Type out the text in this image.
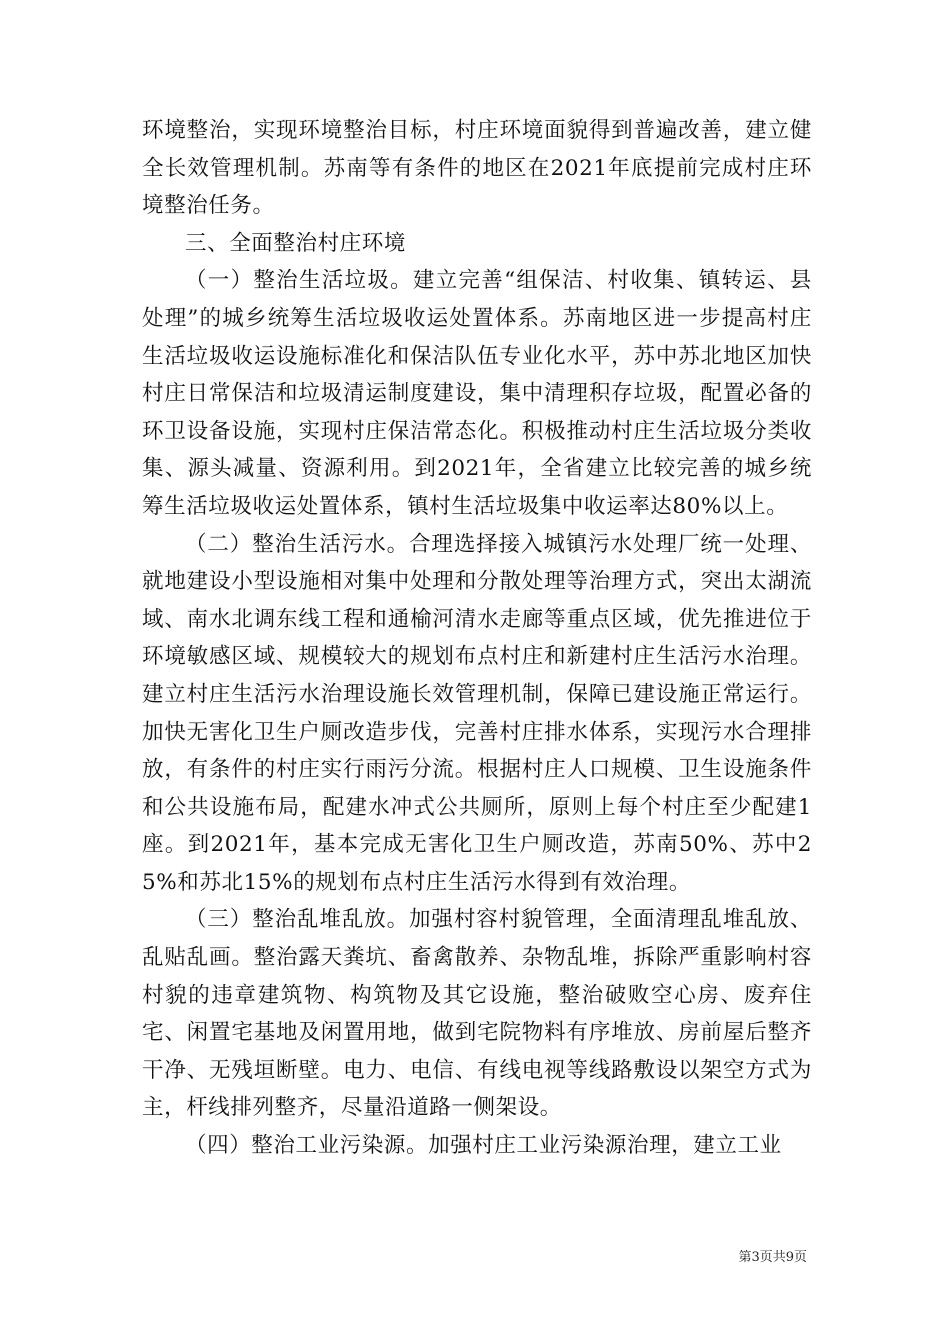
环境整治，实现环境整治目标，村庄环境面貌得到普遍改善，建立健全长效管理机制。苏南等有条件的地区在2021年底提前完成村庄环境整治任务。

三、全面整治村庄环境

（一）整治生活垃圾。建立完善“组保洁、村收集、镇转运、县处理”的城乡统筹生活垃圾收运处置体系。苏南地区进一步提高村庄生活垃圾收运设施标准化和保洁队伍专业化水平，苏中苏北地区加快村庄日常保洁和垃圾清运制度建设，集中清理积存垃圾，配置必备的环卫设备设施，实现村庄保洁常态化。积极推动村庄生活垃圾分类收集、源头减量、资源利用。到2021年，全省建立比较完善的城乡统筹生活垃圾收运处置体系，镇村生活垃圾集中收运率达80%以上。

（二）整治生活污水。合理选择接入城镇污水处理厂统一处理、就地建设小型设施相对集中处理和分散处理等治理方式，突出太湖流域、南水北调东线工程和通榆河清水走廊等重点区域，优先推进位于环境敏感区域、规模较大的规划布点村庄和新建村庄生活污水治理。建立村庄生活污水治理设施长效管理机制，保障已建设施正常运行。加快无害化卫生户厕改造步伐，完善村庄排水体系，实现污水合理排放，有条件的村庄实行雨污分流。根据村庄人口规模、卫生设施条件和公共设施布局，配建水冲式公共厕所，原则上每个村庄至少配建1座。到2021年，基本完成无害化卫生户厕改造，苏南50%、苏中25%和苏北15%的规划布点村庄生活污水得到有效治理。

（三）整治乱堆乱放。加强村容村貌管理，全面清理乱堆乱放、乱贴乱画。整治露天粪坑、畜禽散养、杂物乱堆，拆除严重影响村容村貌的违章建筑物、构筑物及其它设施，整治破败空心房、废弃住宅、闲置宅基地及闲置用地，做到宅院物料有序堆放、房前屋后整齐干净、无残垣断壁。电力、电信、有线电视等线路敷设以架空方式为主，杆线排列整齐，尽量沿道路一侧架设。

（四）整治工业污染源。加强村庄工业污染源治理，建立工业

第3页共9页
